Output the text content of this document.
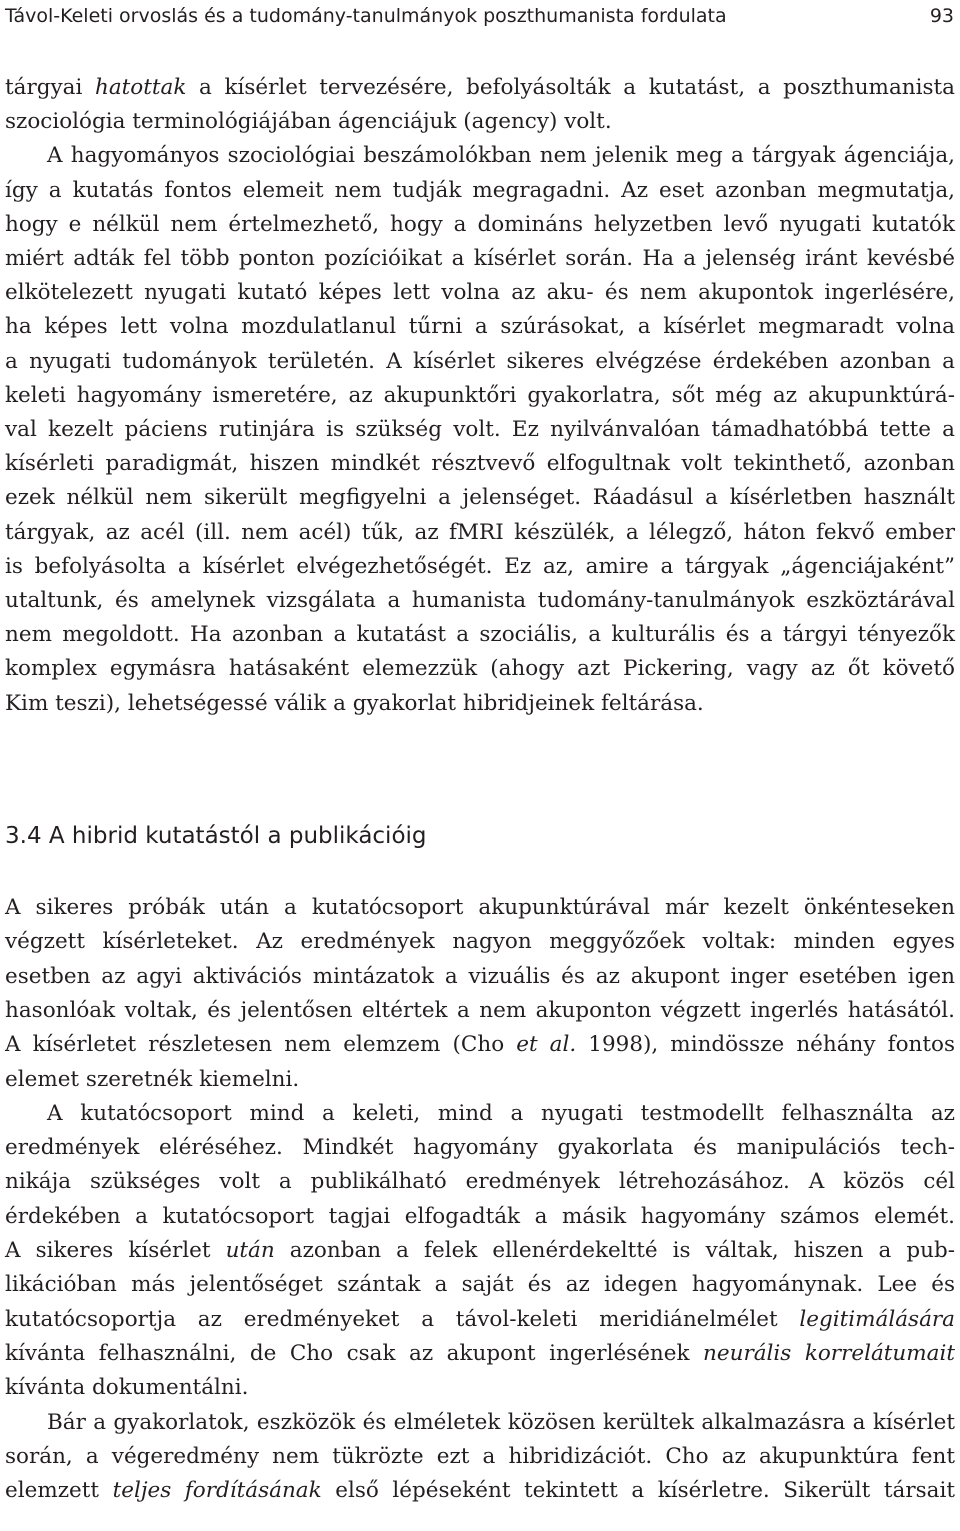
Távol-Keleti orvoslás és a tudomány-tanulmányok poszthumanista fordulata	93
tárgyai hatottak a kísérlet tervezésére, befolyásolták a kutatást, a poszthumanista
szociológia terminológiájában ágenciájuk (agency) volt.
A hagyományos szociológiai beszámolókban nem jelenik meg a tárgyak ágenciája,
így a kutatás fontos elemeit nem tudják megragadni. Az eset azonban megmutatja,
hogy e nélkül nem értelmezhető, hogy a domináns helyzetben levő nyugati kutatók
miért adták fel több ponton pozícióikat a kísérlet során. Ha a jelenség iránt kevésbé
elkötelezett nyugati kutató képes lett volna az aku- és nem akupontok ingerlésére,
ha képes lett volna mozdulatlanul tűrni a szúrásokat, a kísérlet megmaradt volna
a nyugati tudományok területén. A kísérlet sikeres elvégzése érdekében azonban a
keleti hagyomány ismeretére, az akupunktőri gyakorlatra, sőt még az akupunktúrá-
val kezelt páciens rutinjára is szükség volt. Ez nyilvánvalóan támadhatóbbá tette a
kísérleti paradigmát, hiszen mindkét résztvevő elfogultnak volt tekinthető, azonban
ezek nélkül nem sikerült megfigyelni a jelenséget. Ráadásul a kísérletben használt
tárgyak, az acél (ill. nem acél) tűk, az fMRI készülék, a lélegző, háton fekvő ember
is befolyásolta a kísérlet elvégezhetőségét. Ez az, amire a tárgyak „ágenciájaként”
utaltunk, és amelynek vizsgálata a humanista tudomány-tanulmányok eszköztárával
nem megoldott. Ha azonban a kutatást a szociális, a kulturális és a tárgyi tényezők
komplex egymásra hatásaként elemezzük (ahogy azt Pickering, vagy az őt követő
Kim teszi), lehetségessé válik a gyakorlat hibridjeinek feltárása.
3.4 A hibrid kutatástól a publikációig
A sikeres próbák után a kutatócsoport akupunktúrával már kezelt önkénteseken
végzett kísérleteket. Az eredmények nagyon meggyőzőek voltak: minden egyes
esetben az agyi aktivációs mintázatok a vizuális és az akupont inger esetében igen
hasonlóak voltak, és jelentősen eltértek a nem akuponton végzett ingerlés hatásától.
A kísérletet részletesen nem elemzem (Cho et al. 1998), mindössze néhány fontos
elemet szeretnék kiemelni.
A kutatócsoport mind a keleti, mind a nyugati testmodellt felhasználta az
eredmények eléréséhez. Mindkét hagyomány gyakorlata és manipulációs tech-
nikája szükséges volt a publikálható eredmények létrehozásához. A közös cél
érdekében a kutatócsoport tagjai elfogadták a másik hagyomány számos elemét.
A sikeres kísérlet után azonban a felek ellenérdekeltté is váltak, hiszen a pub-
likációban más jelentőséget szántak a saját és az idegen hagyománynak. Lee és
kutatócsoportja az eredményeket a távol-keleti meridiánelmélet legitimálására
kívánta felhasználni, de Cho csak az akupont ingerlésének neurális korrelátumait
kívánta dokumentálni.
Bár a gyakorlatok, eszközök és elméletek közösen kerültek alkalmazásra a kísérlet
során, a végeredmény nem tükrözte ezt a hibridizációt. Cho az akupunktúra fent
elemzett teljes fordításának első lépéseként tekintett a kísérletre. Sikerült társait
